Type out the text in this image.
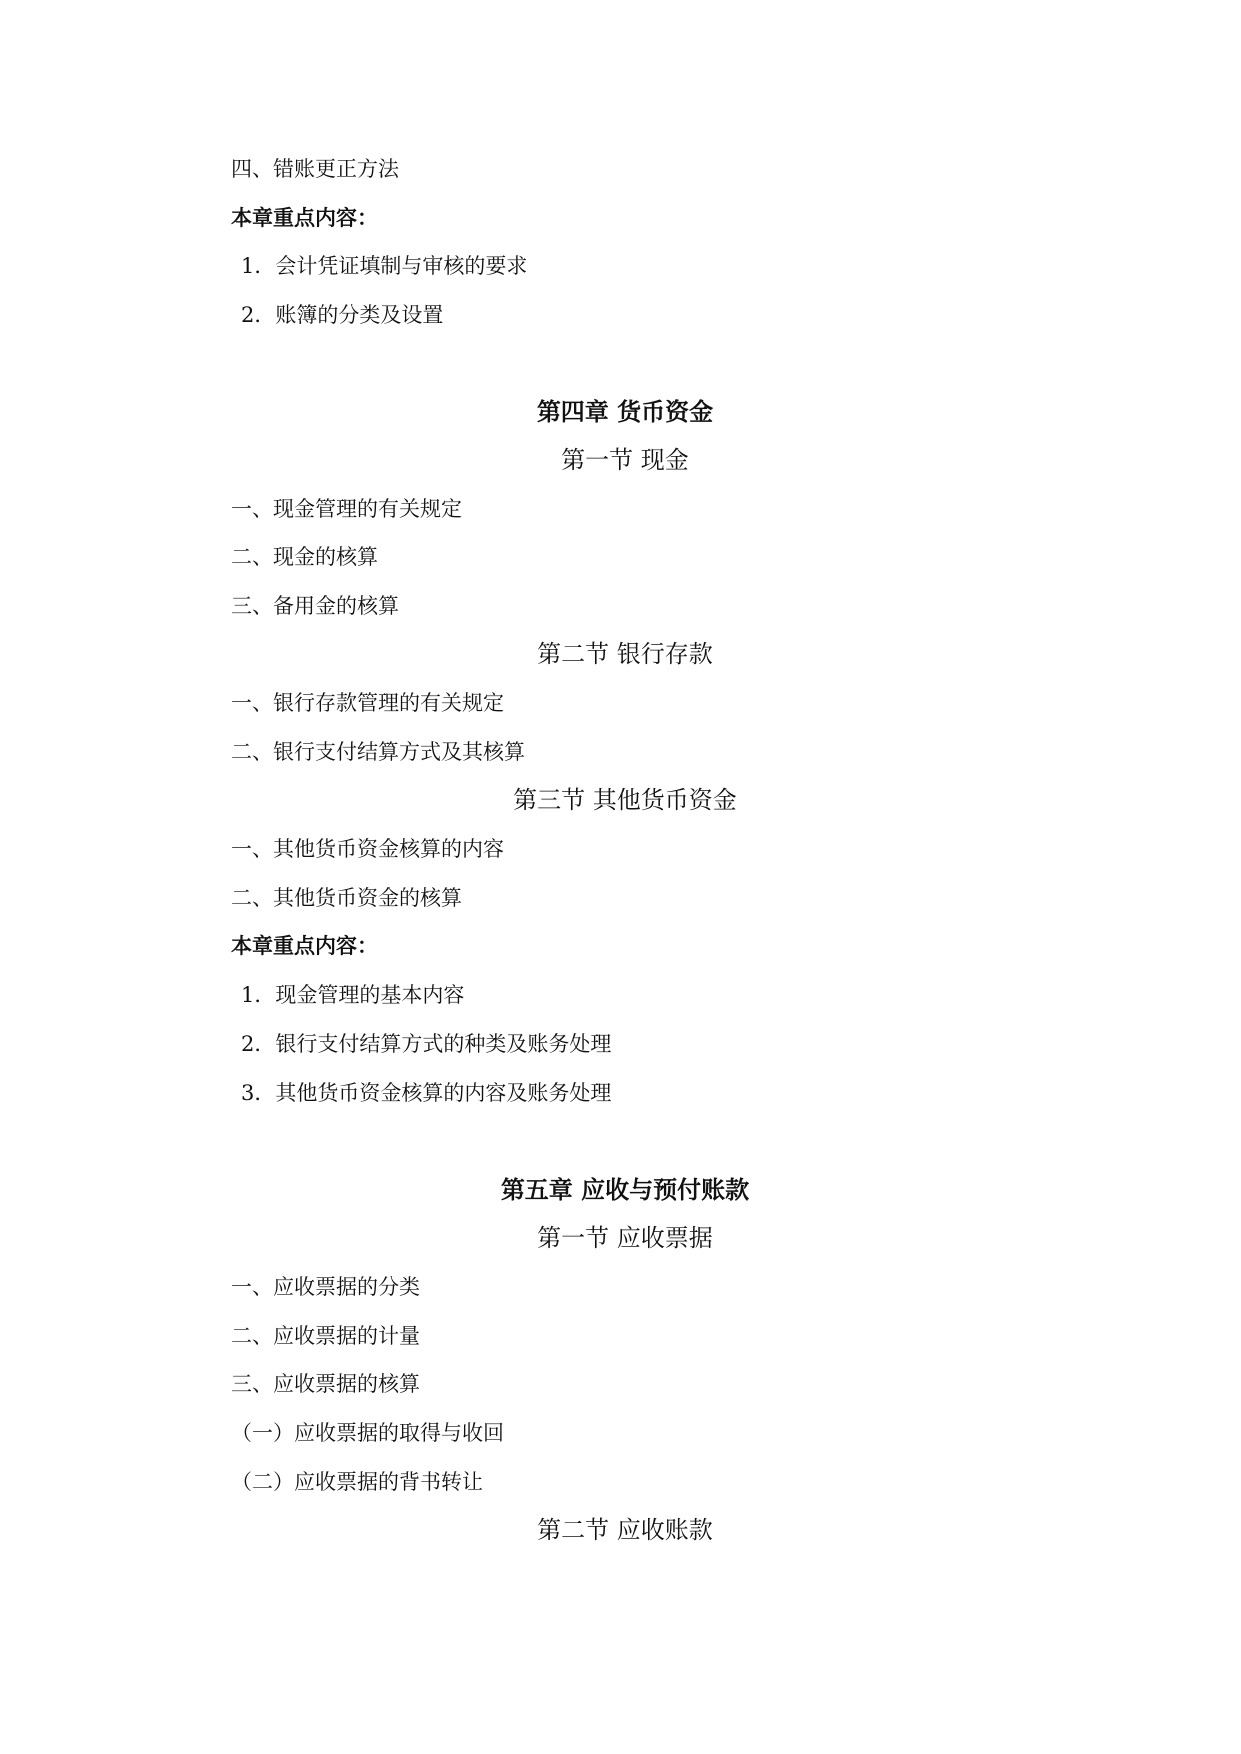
四、错账更正方法
本章重点内容：
1．会计凭证填制与审核的要求
2．账簿的分类及设置
第四章 货币资金
第一节 现金
一、现金管理的有关规定
二、现金的核算
三、备用金的核算
第二节 银行存款
一、银行存款管理的有关规定
二、银行支付结算方式及其核算
第三节 其他货币资金
一、其他货币资金核算的内容
二、其他货币资金的核算
本章重点内容：
1．现金管理的基本内容
2．银行支付结算方式的种类及账务处理
3．其他货币资金核算的内容及账务处理
第五章 应收与预付账款
第一节 应收票据
一、应收票据的分类
二、应收票据的计量
三、应收票据的核算
（一）应收票据的取得与收回
（二）应收票据的背书转让
第二节 应收账款
